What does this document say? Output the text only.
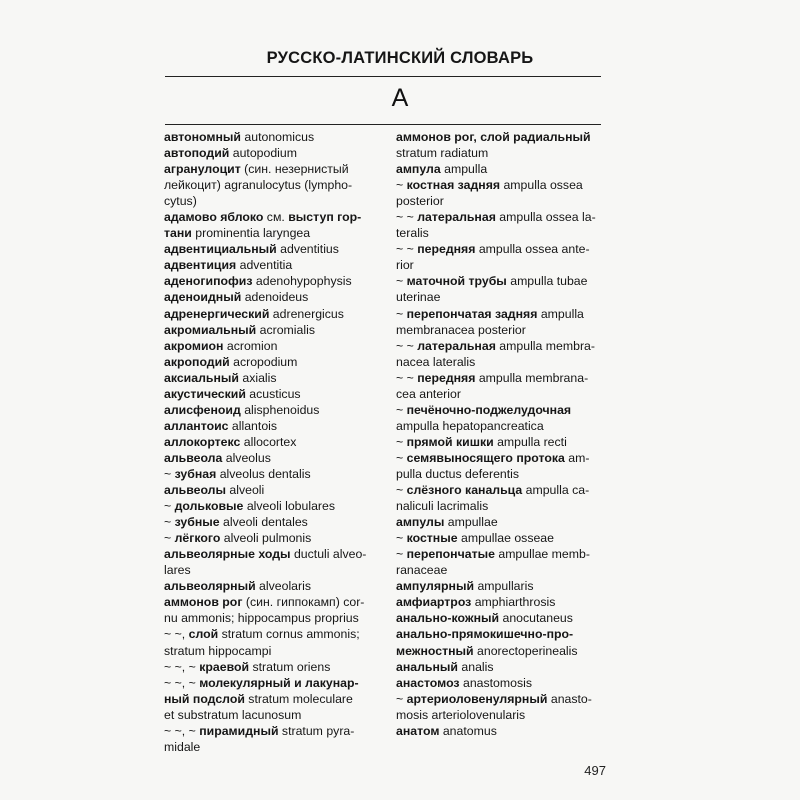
РУССКО-ЛАТИНСКИЙ СЛОВАРЬ
А
автономный autonomicus
автоподий autopodium
агранулоцит (син. незернистый
лейкоцит) agranulocytus (lympho-
cytus)
адамово яблоко см. выступ гор-
тани prominentia laryngea
адвентициальный adventitius
адвентиция adventitia
аденогипофиз adenohypophysis
аденоидный adenoideus
адренергический adrenergicus
акромиальный acromialis
акромион acromion
акроподий acropodium
аксиальный axialis
акустический acusticus
алисфеноид alisphenoidus
аллантоис allantois
аллокортекс allocortex
альвеола alveolus
~ зубная alveolus dentalis
альвеолы alveoli
~ дольковые alveoli lobulares
~ зубные alveoli dentales
~ лёгкого alveoli pulmonis
альвеолярные ходы ductuli alveo-
lares
альвеолярный alveolaris
аммонов рог (син. гиппокамп) cor-
nu ammonis; hippocampus proprius
~ ~, слой stratum cornus ammonis;
stratum hippocampi
~ ~, ~ краевой stratum oriens
~ ~, ~ молекулярный и лакунар-
ный подслой stratum moleculare
et substratum lacunosum
~ ~, ~ пирамидный stratum pyra-
midale
аммонов рог, слой радиальный
stratum radiatum
ампула ampulla
~ костная задняя ampulla ossea
posterior
~ ~ латеральная ampulla ossea la-
teralis
~ ~ передняя ampulla ossea ante-
rior
~ маточной трубы ampulla tubae
uterinae
~ перепончатая задняя ampulla
membranacea posterior
~ ~ латеральная ampulla membra-
nacea lateralis
~ ~ передняя ampulla membrana-
cea anterior
~ печёночно-поджелудочная
ampulla hepatopancreatica
~ прямой кишки ampulla recti
~ семявыносящего протока am-
pulla ductus deferentis
~ слёзного канальца ampulla ca-
naliculi lacrimalis
ампулы ampullae
~ костные ampullae osseae
~ перепончатые ampullae memb-
ranaceae
ампулярный ampullaris
амфиартроз amphiarthrosis
анально-кожный anocutaneus
анально-прямокишечно-про-
межностный anorectoperinealis
анальный analis
анастомоз anastomosis
~ артериоловенулярный anasto-
mosis arteriolovenularis
анатом anatomus
497
